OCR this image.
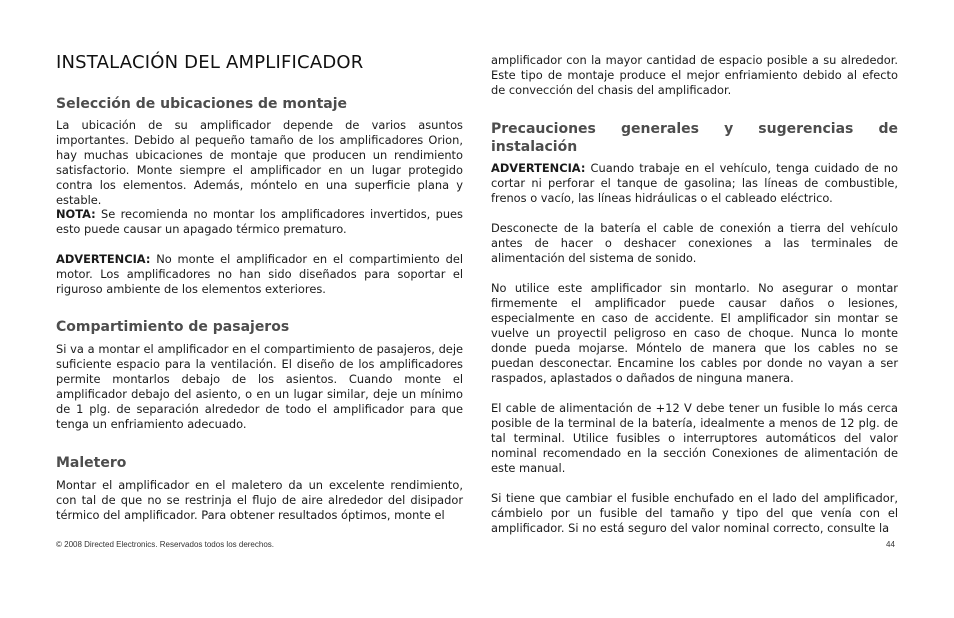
INSTALACIÓN DEL AMPLIFICADOR
Selección de ubicaciones de montaje

La ubicación de su amplificador depende de varios asuntos importantes. Debido al pequeño tamaño de los amplificadores Orion, hay muchas ubicaciones de montaje que producen un rendimiento satisfactorio. Monte siempre el amplificador en un lugar protegido contra los elementos. Además, móntelo en una superficie plana y estable.

NOTA: Se recomienda no montar los amplificadores invertidos, pues esto puede causar un apagado térmico prematuro.

ADVERTENCIA: No monte el amplificador en el compartimiento del motor. Los amplificadores no han sido diseñados para soportar el riguroso ambiente de los elementos exteriores.

Compartimiento de pasajeros

Si va a montar el amplificador en el compartimiento de pasajeros, deje suficiente espacio para la ventilación. El diseño de los amplificadores permite montarlos debajo de los asientos. Cuando monte el amplificador debajo del asiento, o en un lugar similar, deje un mínimo de 1 plg. de separación alrededor de todo el amplificador para que tenga un enfriamiento adecuado.

Maletero

Montar el amplificador en el maletero da un excelente rendimiento, con tal de que no se restrinja el flujo de aire alrededor del disipador térmico del amplificador. Para obtener resultados óptimos, monte el

amplificador con la mayor cantidad de espacio posible a su alrededor. Este tipo de montaje produce el mejor enfriamiento debido al efecto de convección del chasis del amplificador.

Precauciones generales y sugerencias de instalación

ADVERTENCIA: Cuando trabaje en el vehículo, tenga cuidado de no cortar ni perforar el tanque de gasolina; las líneas de combustible, frenos o vacío, las líneas hidráulicas o el cableado eléctrico.

Desconecte de la batería el cable de conexión a tierra del vehículo antes de hacer o deshacer conexiones a las terminales de alimentación del sistema de sonido.

No utilice este amplificador sin montarlo. No asegurar o montar firmemente el amplificador puede causar daños o lesiones, especialmente en caso de accidente. El amplificador sin montar se vuelve un proyectil peligroso en caso de choque. Nunca lo monte donde pueda mojarse. Móntelo de manera que los cables no se puedan desconectar. Encamine los cables por donde no vayan a ser raspados, aplastados o dañados de ninguna manera.

El cable de alimentación de +12 V debe tener un fusible lo más cerca posible de la terminal de la batería, idealmente a menos de 12 plg. de tal terminal. Utilice fusibles o interruptores automáticos del valor nominal recomendado en la sección Conexiones de alimentación de este manual.

Si tiene que cambiar el fusible enchufado en el lado del amplificador, cámbielo por un fusible del tamaño y tipo del que venía con el amplificador. Si no está seguro del valor nominal correcto, consulte la

© 2008 Directed Electronics. Reservados todos los derechos.	44
